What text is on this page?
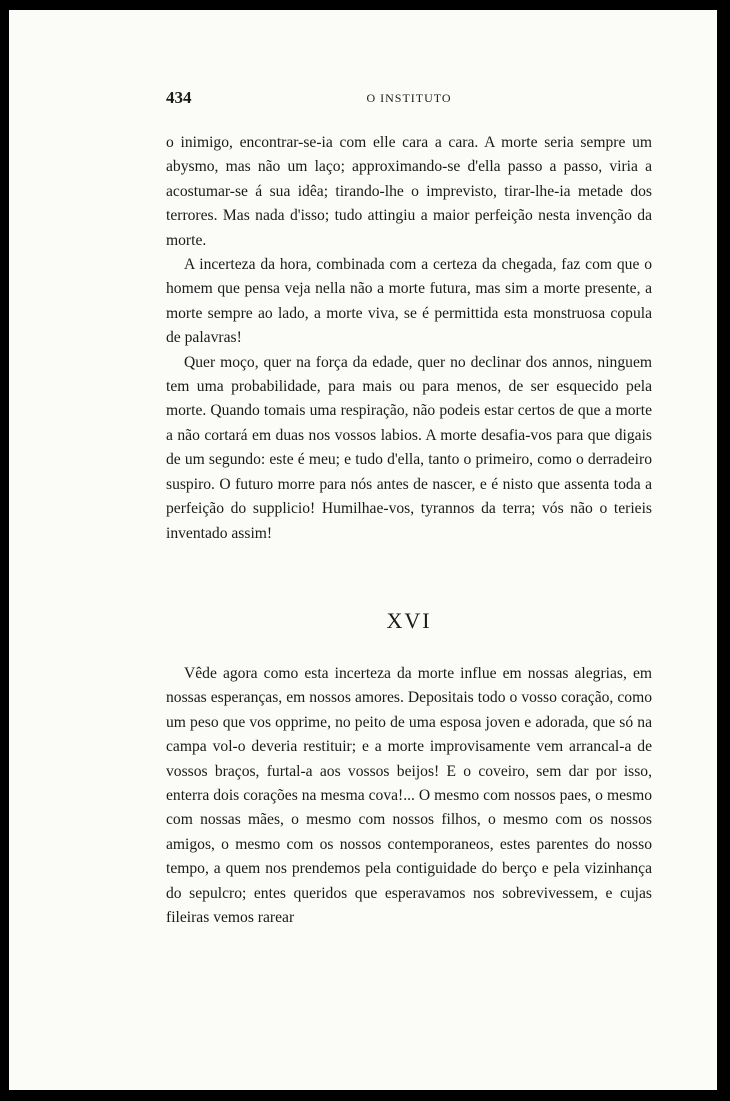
434	O INSTITUTO

o inimigo, encontrar-se-ia com elle cara a cara. A morte seria sempre um abysmo, mas não um laço; approximando-se d'ella passo a passo, viria a acostumar-se á sua idêa; tirando-lhe o imprevisto, tirar-lhe-ia metade dos terrores. Mas nada d'isso; tudo attingiu a maior perfeição nesta invenção da morte.

A incerteza da hora, combinada com a certeza da chegada, faz com que o homem que pensa veja nella não a morte futura, mas sim a morte presente, a morte sempre ao lado, a morte viva, se é permittida esta monstruosa copula de palavras!

Quer moço, quer na força da edade, quer no declinar dos annos, ninguem tem uma probabilidade, para mais ou para menos, de ser esquecido pela morte. Quando tomais uma respiração, não podeis estar certos de que a morte a não cortará em duas nos vossos labios. A morte desafia-vos para que digais de um segundo: este é meu; e tudo d'ella, tanto o primeiro, como o derradeiro suspiro. O futuro morre para nós antes de nascer, e é nisto que assenta toda a perfeição do supplicio! Humilhae-vos, tyrannos da terra; vós não o terieis inventado assim!

XVI

Vêde agora como esta incerteza da morte influe em nossas alegrias, em nossas esperanças, em nossos amores. Depositais todo o vosso coração, como um peso que vos opprime, no peito de uma esposa joven e adorada, que só na campa vol-o deveria restituir; e a morte improvisamente vem arrancal-a de vossos braços, furtal-a aos vossos beijos! E o coveiro, sem dar por isso, enterra dois corações na mesma cova!... O mesmo com nossos paes, o mesmo com nossas mães, o mesmo com nossos filhos, o mesmo com os nossos amigos, o mesmo com os nossos contemporaneos, estes parentes do nosso tempo, a quem nos prendemos pela contiguidade do berço e pela vizinhança do sepulcro; entes queridos que esperavamos nos sobrevivessem, e cujas fileiras vemos rarear
